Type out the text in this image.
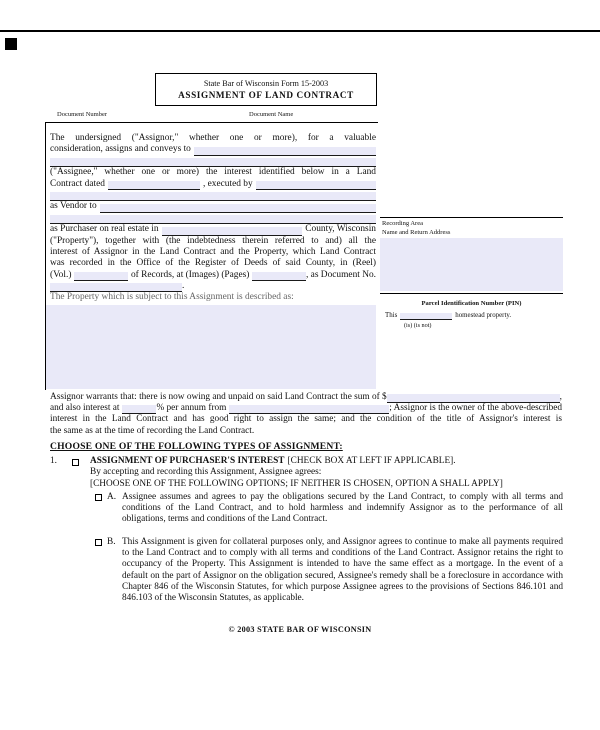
State Bar of Wisconsin Form 15-2003
ASSIGNMENT OF LAND CONTRACT
Document Number	Document Name
The undersigned ("Assignor," whether one or more), for a valuable
consideration, assigns and conveys to
("Assignee," whether one or more) the interest identified below in a Land
Contract dated	, executed by
as Vendor to
as Purchaser on real estate in	County, Wisconsin
("Property"), together with (the indebtedness therein referred to and) all the
interest of Assignor in the Land Contract and the Property, which Land Contract
was recorded in the Office of the Register of Deeds of said County, in (Reel)
(Vol.)	of Records, at (Images) (Pages)	, as Document No.
.
The Property which is subject to this Assignment is described as:
Recording Area
Name and Return Address
Parcel Identification Number (PIN)
This	homestead property.
(is) (is not)
Assignor warrants that: there is now owing and unpaid on said Land Contract the sum of $	,
and also interest at	% per annum from	; Assignor is the owner of the above-described
interest in the Land Contract and has good right to assign the same; and the condition of the title of Assignor's interest is
the same as at the time of recording the Land Contract.
CHOOSE ONE OF THE FOLLOWING TYPES OF ASSIGNMENT:
1.	ASSIGNMENT OF PURCHASER'S INTEREST [CHECK BOX AT LEFT IF APPLICABLE].
By accepting and recording this Assignment, Assignee agrees:
[CHOOSE ONE OF THE FOLLOWING OPTIONS; IF NEITHER IS CHOSEN, OPTION A SHALL APPLY]
A. Assignee assumes and agrees to pay the obligations secured by the Land Contract, to comply with all terms and conditions of the Land Contract, and to hold harmless and indemnify Assignor as to the performance of all obligations, terms and conditions of the Land Contract.
B. This Assignment is given for collateral purposes only, and Assignor agrees to continue to make all payments required to the Land Contract and to comply with all terms and conditions of the Land Contract. Assignor retains the right to occupancy of the Property. This Assignment is intended to have the same effect as a mortgage. In the event of a default on the part of Assignor on the obligation secured, Assignee's remedy shall be a foreclosure in accordance with Chapter 846 of the Wisconsin Statutes, for which purpose Assignee agrees to the provisions of Sections 846.101 and 846.103 of the Wisconsin Statutes, as applicable.
© 2003 STATE BAR OF WISCONSIN
